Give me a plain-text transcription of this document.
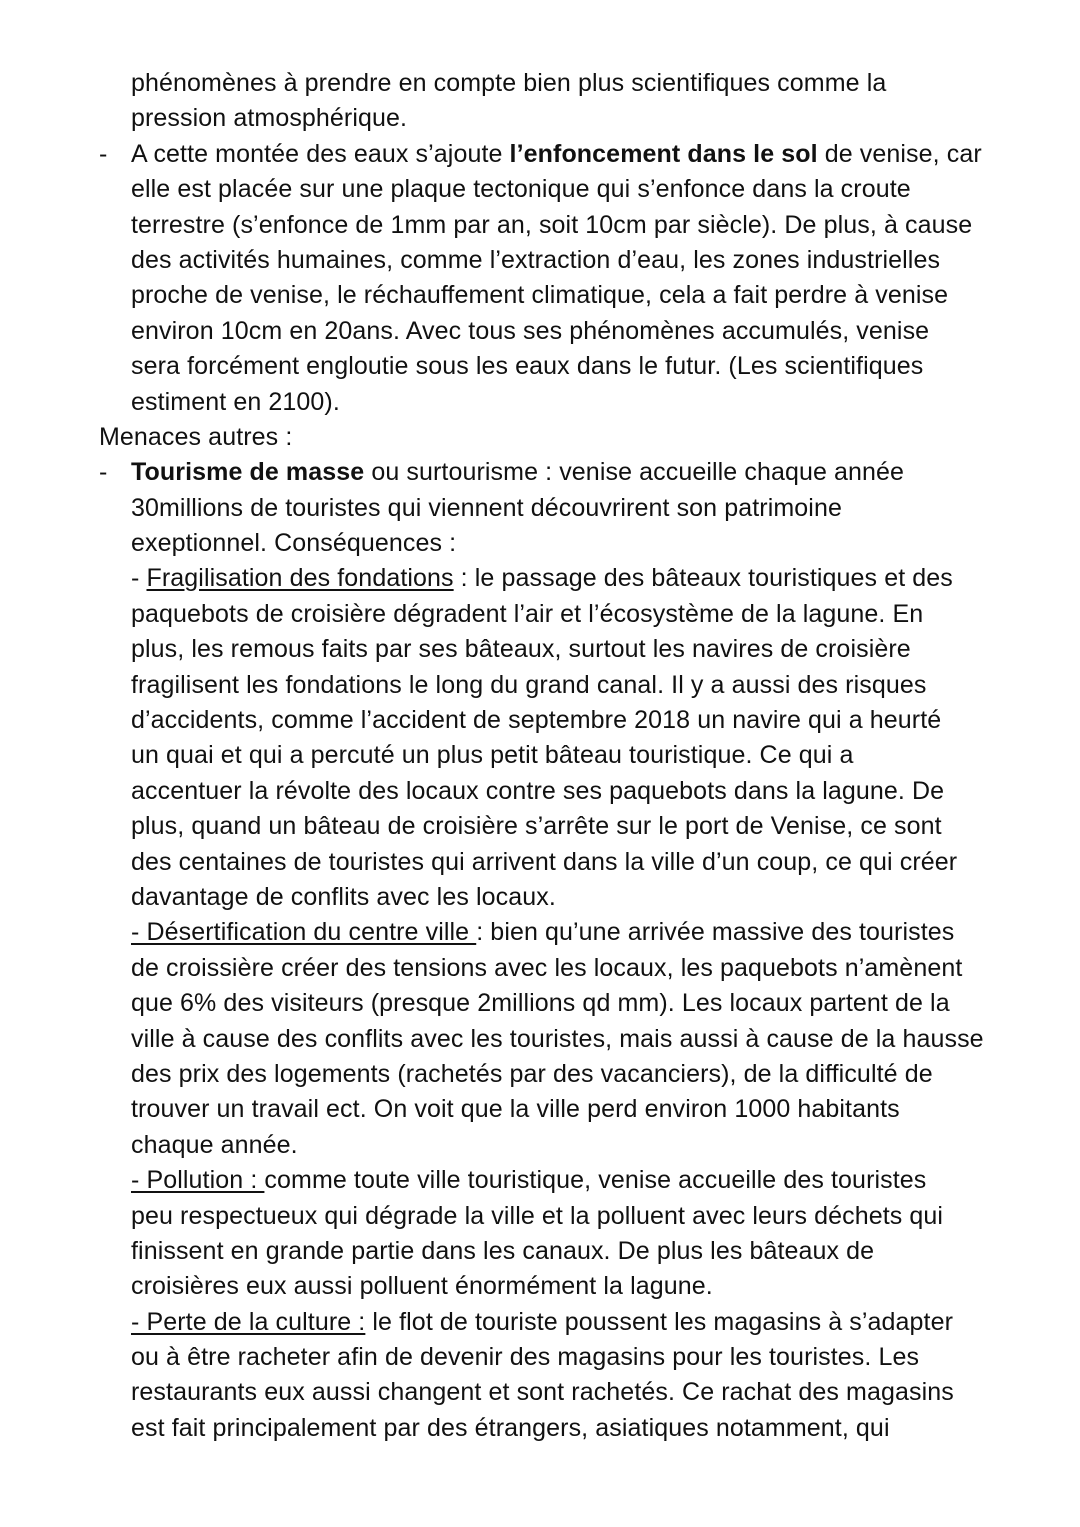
phénomènes à prendre en compte bien plus scientifiques comme la
pression atmosphérique.
- A cette montée des eaux s’ajoute l’enfoncement dans le sol de venise, car
elle est placée sur une plaque tectonique qui s’enfonce dans la croute
terrestre (s’enfonce de 1mm par an, soit 10cm par siècle). De plus, à cause
des activités humaines, comme l’extraction d’eau, les zones industrielles
proche de venise, le réchauffement climatique, cela a fait perdre à venise
environ 10cm en 20ans. Avec tous ses phénomènes accumulés, venise
sera forcément engloutie sous les eaux dans le futur. (Les scientifiques
estiment en 2100).
Menaces autres :
- Tourisme de masse ou surtourisme : venise accueille chaque année
30millions de touristes qui viennent découvrirent son patrimoine
exeptionnel. Conséquences :
- Fragilisation des fondations : le passage des bâteaux touristiques et des
paquebots de croisière dégradent l’air et l’écosystème de la lagune. En
plus, les remous faits par ses bâteaux, surtout les navires de croisière
fragilisent les fondations le long du grand canal. Il y a aussi des risques
d’accidents, comme l’accident de septembre 2018 un navire qui a heurté
un quai et qui a percuté un plus petit bâteau touristique. Ce qui a
accentuer la révolte des locaux contre ses paquebots dans la lagune. De
plus, quand un bâteau de croisière s’arrête sur le port de Venise, ce sont
des centaines de touristes qui arrivent dans la ville d’un coup, ce qui créer
davantage de conflits avec les locaux.
- Désertification du centre ville : bien qu’une arrivée massive des touristes
de croissière créer des tensions avec les locaux, les paquebots n’amènent
que 6% des visiteurs (presque 2millions qd mm). Les locaux partent de la
ville à cause des conflits avec les touristes, mais aussi à cause de la hausse
des prix des logements (rachetés par des vacanciers), de la difficulté de
trouver un travail ect. On voit que la ville perd environ 1000 habitants
chaque année.
- Pollution : comme toute ville touristique, venise accueille des touristes
peu respectueux qui dégrade la ville et la polluent avec leurs déchets qui
finissent en grande partie dans les canaux. De plus les bâteaux de
croisières eux aussi polluent énormément la lagune.
- Perte de la culture : le flot de touriste poussent les magasins à s’adapter
ou à être racheter afin de devenir des magasins pour les touristes. Les
restaurants eux aussi changent et sont rachetés. Ce rachat des magasins
est fait principalement par des étrangers, asiatiques notamment, qui
